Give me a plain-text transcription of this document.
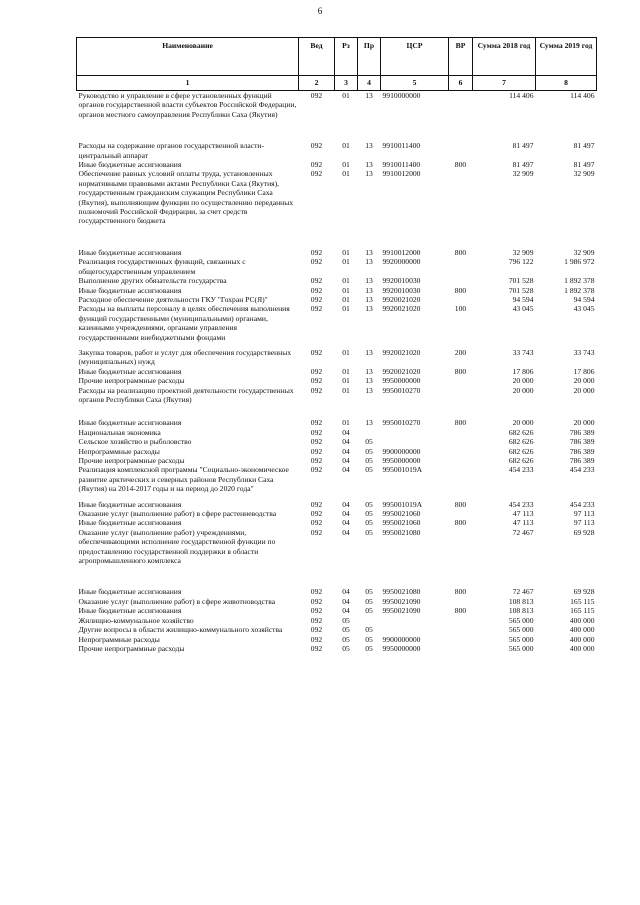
6
Наименование	Вед	Рз	Пр	ЦСР	ВР	Сумма 2018 год	Сумма 2019 год
1	2	3	4	5	6	7	8
Руководство и управление в сфере установленных функций органов государственной власти субъектов Российской Федерации, органов местного самоуправления Республики Саха (Якутия)	092	01	13	9910000000		114 406	114 406
Расходы на содержание органов государственной власти- центральный аппарат	092	01	13	9910011400		81 497	81 497
Иные бюджетные ассигнования	092	01	13	9910011400	800	81 497	81 497
Обеспечение равных условий оплаты труда, установленных нормативными правовыми актами Республики Саха (Якутия), государственным гражданским служащим Республики Саха (Якутия), выполняющим функции по осуществлению переданных полномочий Российской Федерации, за счет средств государственного бюджета	092	01	13	9910012000		32 909	32 909
Иные бюджетные ассигнования	092	01	13	9910012000	800	32 909	32 909
Реализация государственных функций, связанных с общегосударственным управлением	092	01	13	9920000000		796 122	1 986 972
Выполнение других обязательств государства	092	01	13	9920010030		701 528	1 892 378
Иные бюджетные ассигнования	092	01	13	9920010030	800	701 528	1 892 378
Расходное обеспечение деятельности ГКУ "Гохран РС(Я)"	092	01	13	9920021020		94 594	94 594
Расходы на выплаты персоналу в целях обеспечения выполнения функций государственными (муниципальными) органами, казенными учреждениями, органами управления государственными внебюджетными фондами	092	01	13	9920021020	100	43 045	43 045
Закупка товаров, работ и услуг для обеспечения государственных (муниципальных) нужд	092	01	13	9920021020	200	33 743	33 743
Иные бюджетные ассигнования	092	01	13	9920021020	800	17 806	17 806
Прочие непрограммные расходы	092	01	13	9950000000		20 000	20 000
Расходы на реализацию проектной деятельности государственных органов Республики Саха (Якутия)	092	01	13	9950010270		20 000	20 000
Иные бюджетные ассигнования	092	01	13	9950010270	800	20 000	20 000
Национальная экономика	092	04				682 626	786 389
Сельское хозяйство и рыболовство	092	04	05			682 626	786 389
Непрограммные расходы	092	04	05	9900000000		682 626	786 389
Прочие непрограммные расходы	092	04	05	9950000000		682 626	786 389
Реализация комплексной программы "Социально-экономическое развитие арктических и северных районов Республики Саха (Якутия) на 2014-2017 годы и на период до 2020 года"	092	04	05	995001019А		454 233	454 233
Иные бюджетные ассигнования	092	04	05	995001019А	800	454 233	454 233
Оказание услуг (выполнение работ) в сфере растениеводства	092	04	05	9950021060		47 113	97 113
Иные бюджетные ассигнования	092	04	05	9950021060	800	47 113	97 113
Оказание услуг (выполнение работ) учреждениями, обеспечивающими исполнение государственной функции по предоставлению государственной поддержки в области агропромышленного комплекса	092	04	05	9950021080		72 467	69 928
Иные бюджетные ассигнования	092	04	05	9950021080	800	72 467	69 928
Оказание услуг (выполнение работ) в сфере животноводства	092	04	05	9950021090		108 813	165 115
Иные бюджетные ассигнования	092	04	05	9950021090	800	108 813	165 115
Жилищно-коммунальное хозяйство	092	05				565 000	400 000
Другие вопросы в области жилищно-коммунального хозяйства	092	05	05			565 000	400 000
Непрограммные расходы	092	05	05	9900000000		565 000	400 000
Прочие непрограммные расходы	092	05	05	9950000000		565 000	400 000
